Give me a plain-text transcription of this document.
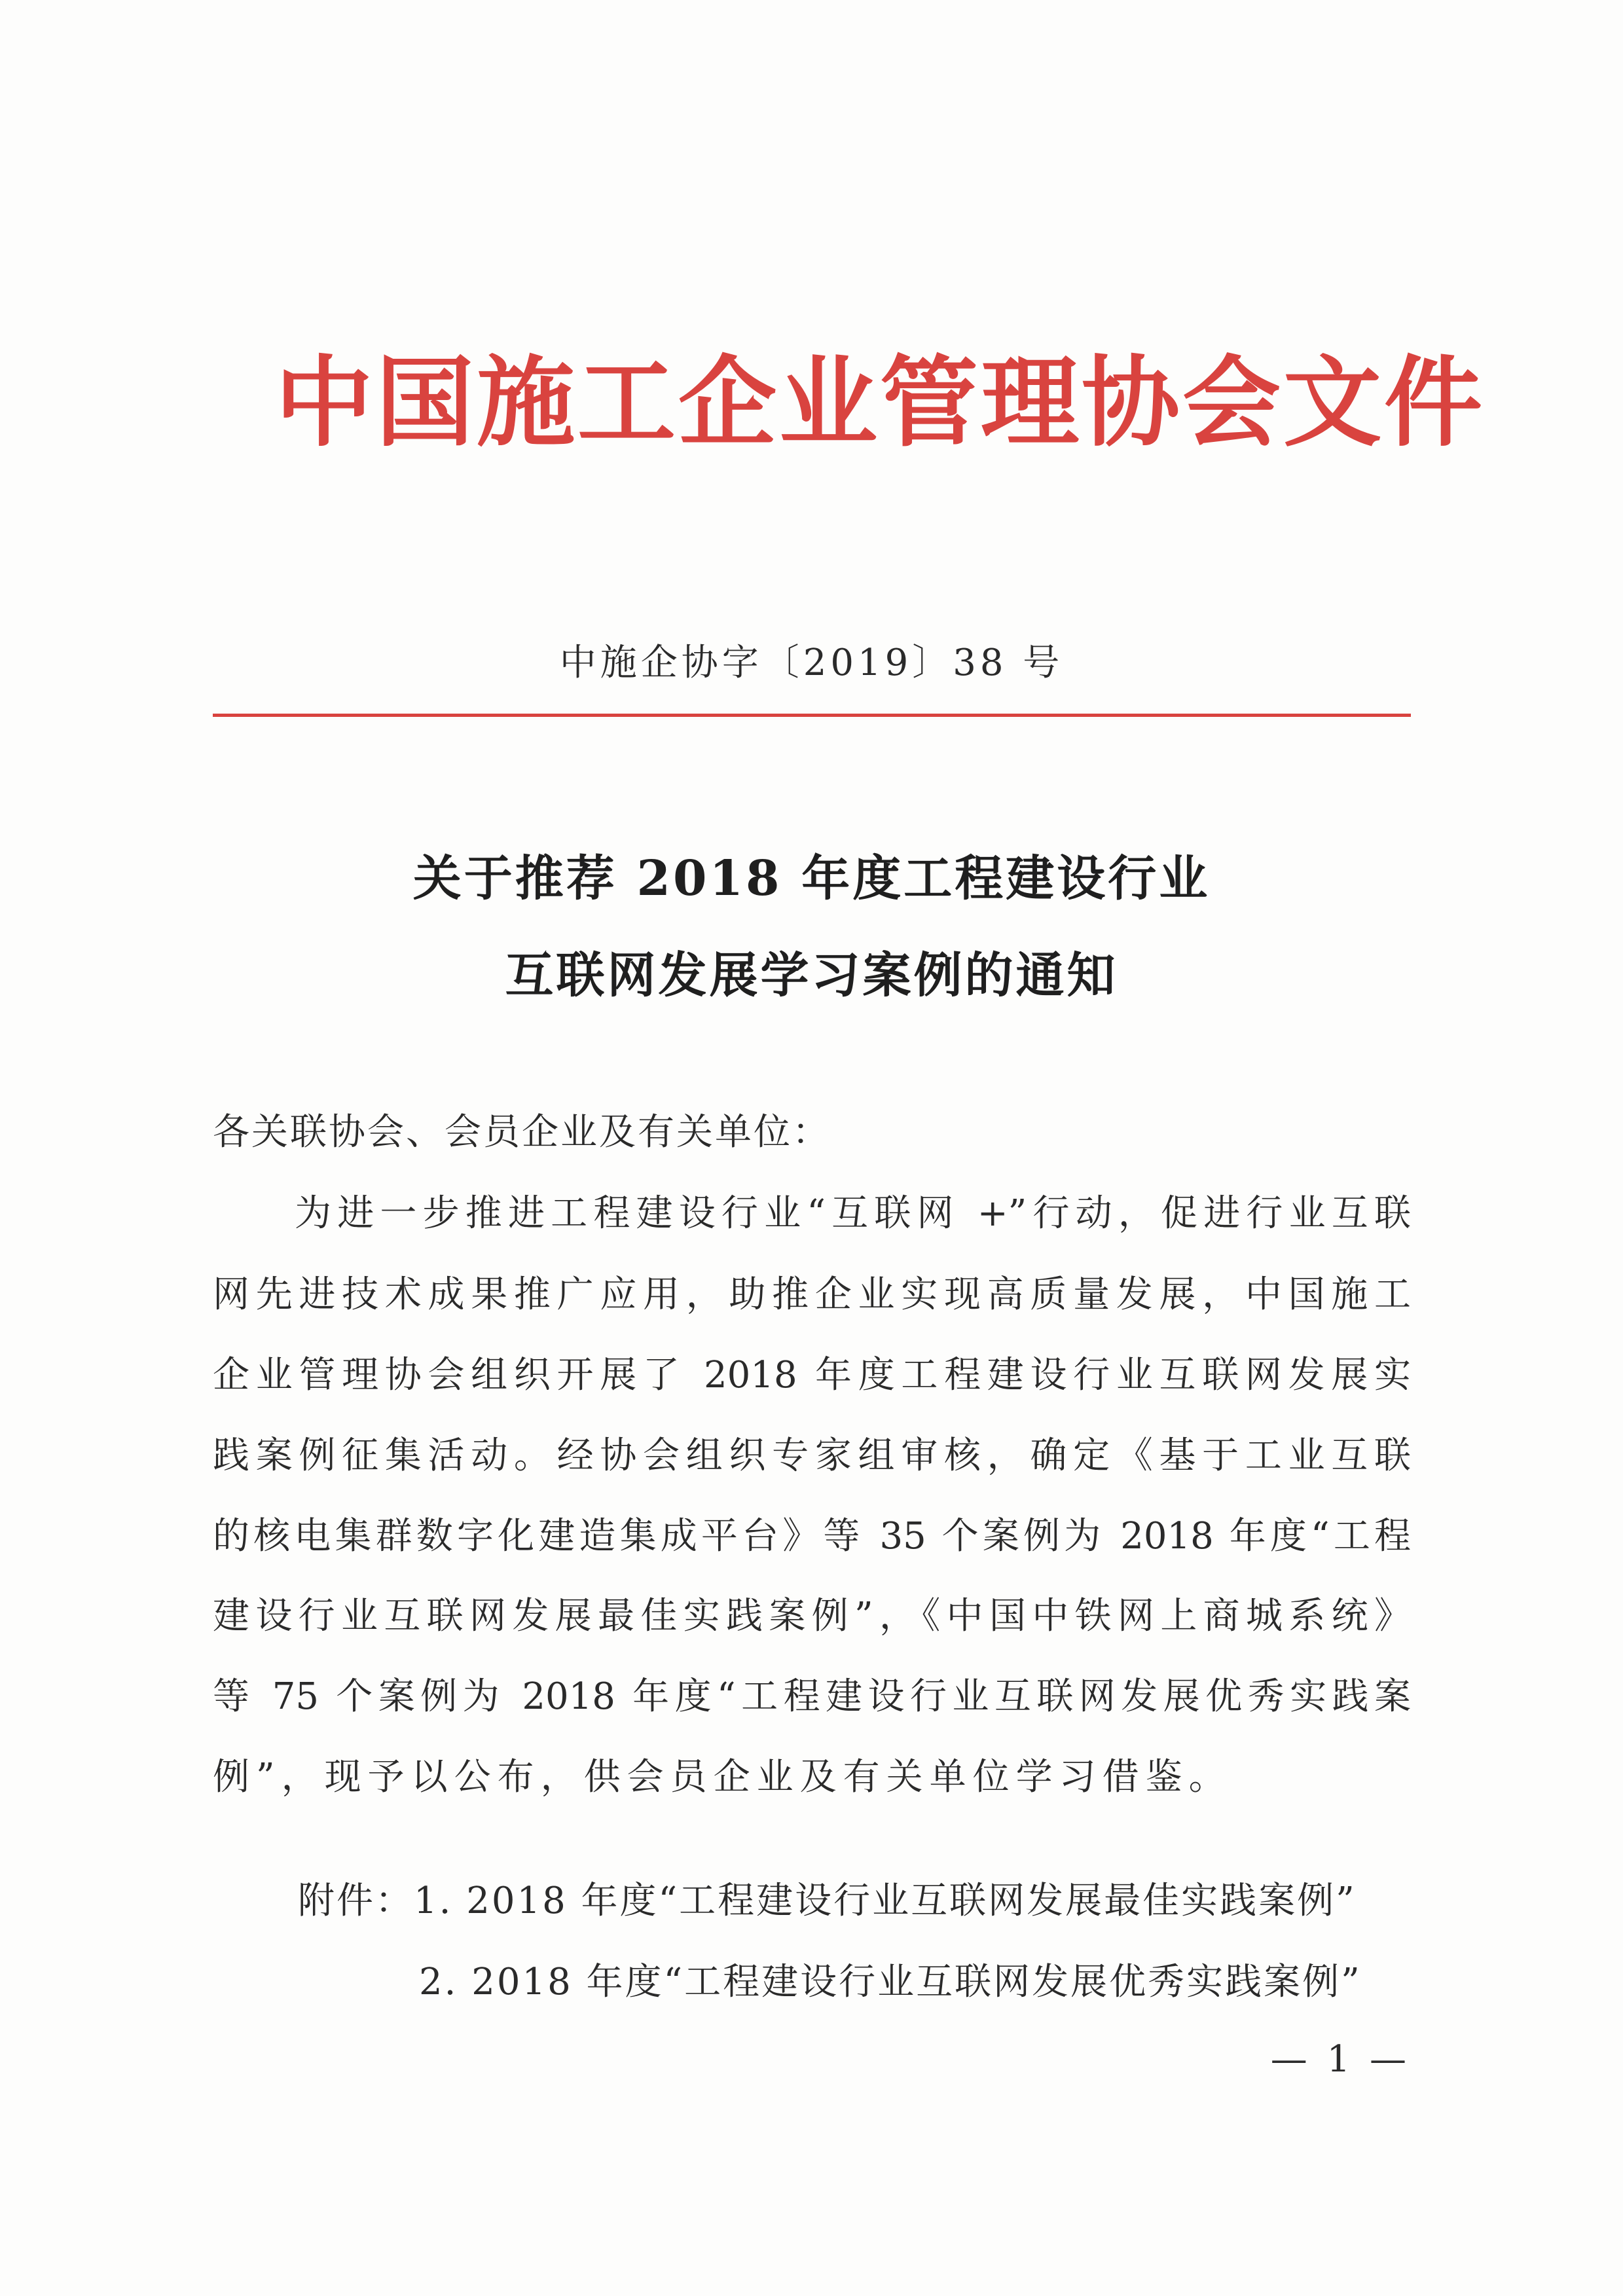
中国施工企业管理协会文件
中施企协字〔2019〕38 号
关于推荐 2018 年度工程建设行业
互联网发展学习案例的通知
各关联协会、会员企业及有关单位：
为进一步推进工程建设行业“互联网 +”行动，促进行业互联
网先进技术成果推广应用，助推企业实现高质量发展，中国施工
企业管理协会组织开展了 2018 年度工程建设行业互联网发展实
践案例征集活动。经协会组织专家组审核，确定《基于工业互联
的核电集群数字化建造集成平台》等 35 个案例为 2018 年度“工程
建设行业互联网发展最佳实践案例”，《中国中铁网上商城系统》
等 75 个案例为 2018 年度“工程建设行业互联网发展优秀实践案
例”，现予以公布，供会员企业及有关单位学习借鉴。
附件：1. 2018 年度“工程建设行业互联网发展最佳实践案例”
2. 2018 年度“工程建设行业互联网发展优秀实践案例”
— 1 —
